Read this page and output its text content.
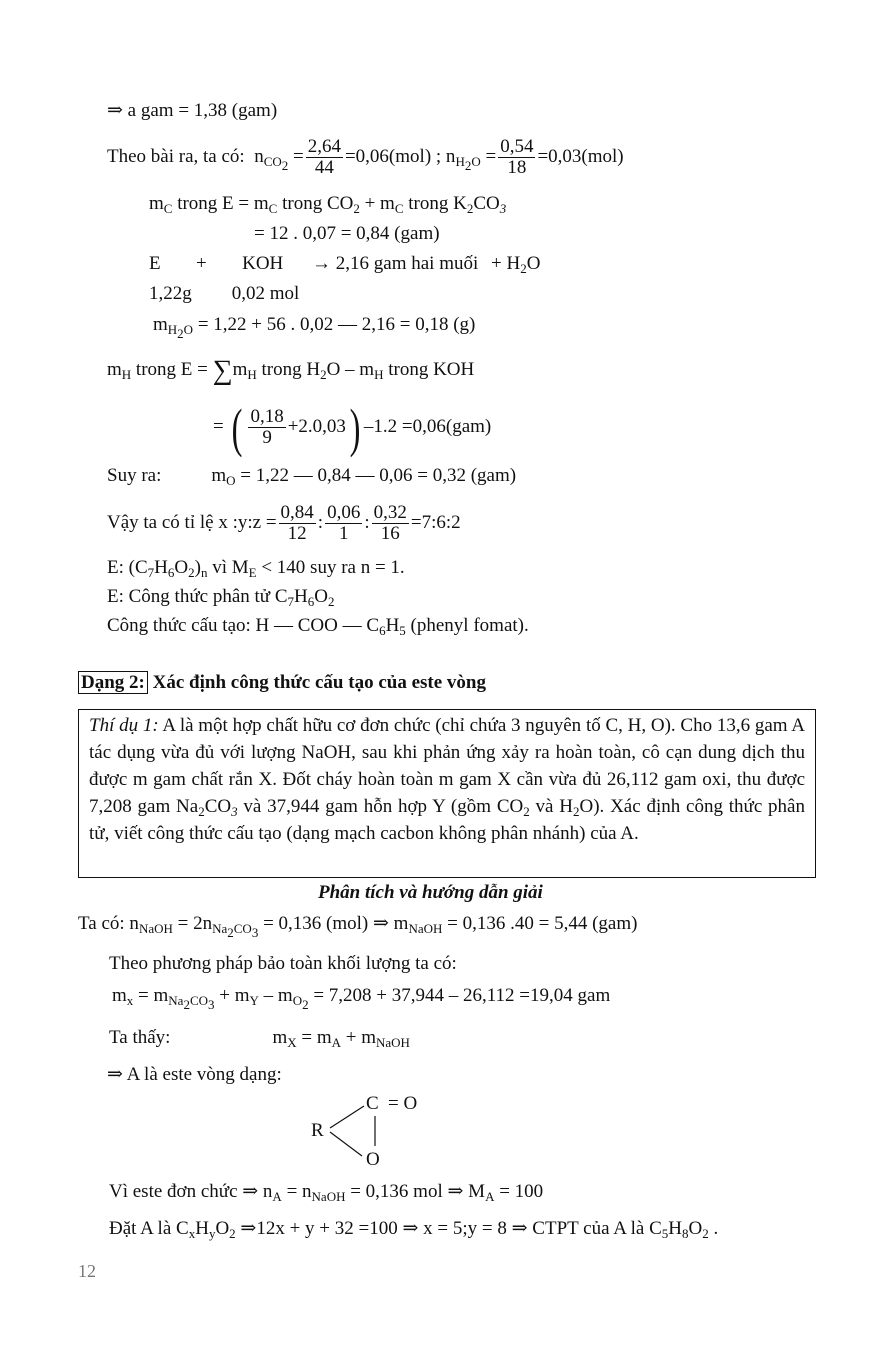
⇒ a gam = 1,38 (gam)
Theo bài ra, ta có: $n_{CO_2} = \frac{2,64}{44} =0,06(mol)$ ; $n_{H_2O} = \frac{0,54}{18} =0,03(mol)$
$m_C$ trong $E = m_C$ trong $CO_2 + m_C$ trong $K_2CO_3$
= 12 . 0,07 = 0,84 (gam)
E + KOH → 2,16 gam hai muối + $H_2O$
1,22g 0,02 mol
$m_{H_2O} = 1,22 + 56$ . 0,02 — 2,16 = 0,18 (g)
$m_H$ trong $E = \sum m_H$ trong $H_2O - m_H$ trong KOH
= ( $\frac{0,18}{9} +2.0,03$) –1.2 =0,06(gam)
Suy ra:	$m_O = 1,22$ — 0,84 — 0,06 = 0,32 (gam)
Vậy ta có tỉ lệ x :y:z = $\frac{0,84}{12}$ : $\frac{0,06}{1}$ : $\frac{0,32}{16}$ =7:6:2
E: $(C_7H_6O_2)_n$ vì $M_E < 140$ suy ra n = 1.
E: Công thức phân tử $C_7H_6O_2$
Công thức cấu tạo: H — COO — $C_6H_5$ (phenyl fomat).
Dạng 2: Xác định công thức cấu tạo của este vòng
Thí dụ 1: A là một hợp chất hữu cơ đơn chức (chỉ chứa 3 nguyên tố C, H, O). Cho 13,6 gam A tác dụng vừa đủ với lượng NaOH, sau khi phản ứng xảy ra hoàn toàn, cô cạn dung dịch thu được m gam chất rắn X. Đốt cháy hoàn toàn m gam X cần vừa đủ 26,112 gam oxi, thu được 7,208 gam $Na_2CO_3$ và 37,944 gam hỗn hợp Y (gồm $CO_2$ và $H_2O$). Xác định công thức phân tử, viết công thức cấu tạo (dạng mạch cacbon không phân nhánh) của A.
Phân tích và hướng dẫn giải
Ta có: $n_{NaOH} = 2n_{Na_2CO_3} = 0,136$ (mol) ⇒ $m_{NaOH} = 0,136$ .40 = 5,44 (gam)
Theo phương pháp bảo toàn khối lượng ta có:
$m_x = m_{Na_2CO_3} + m_Y - m_{O_2} = 7,208 + 37,944 - 26,112 =19,04$ gam
Ta thấy:	$m_X = m_A + m_{NaOH}$
⇒ A là este vòng dạng:
R
C = O
O
Vì este đơn chức ⇒ $n_A = n_{NaOH} = 0,136$ mol ⇒ $M_A = 100$
Đặt A là $C_xH_yO_2$ ⇒12x + y + 32 =100 ⇒ x = 5;y = 8 ⇒ CTPT của A là $C_5H_8O_2$ .
12
